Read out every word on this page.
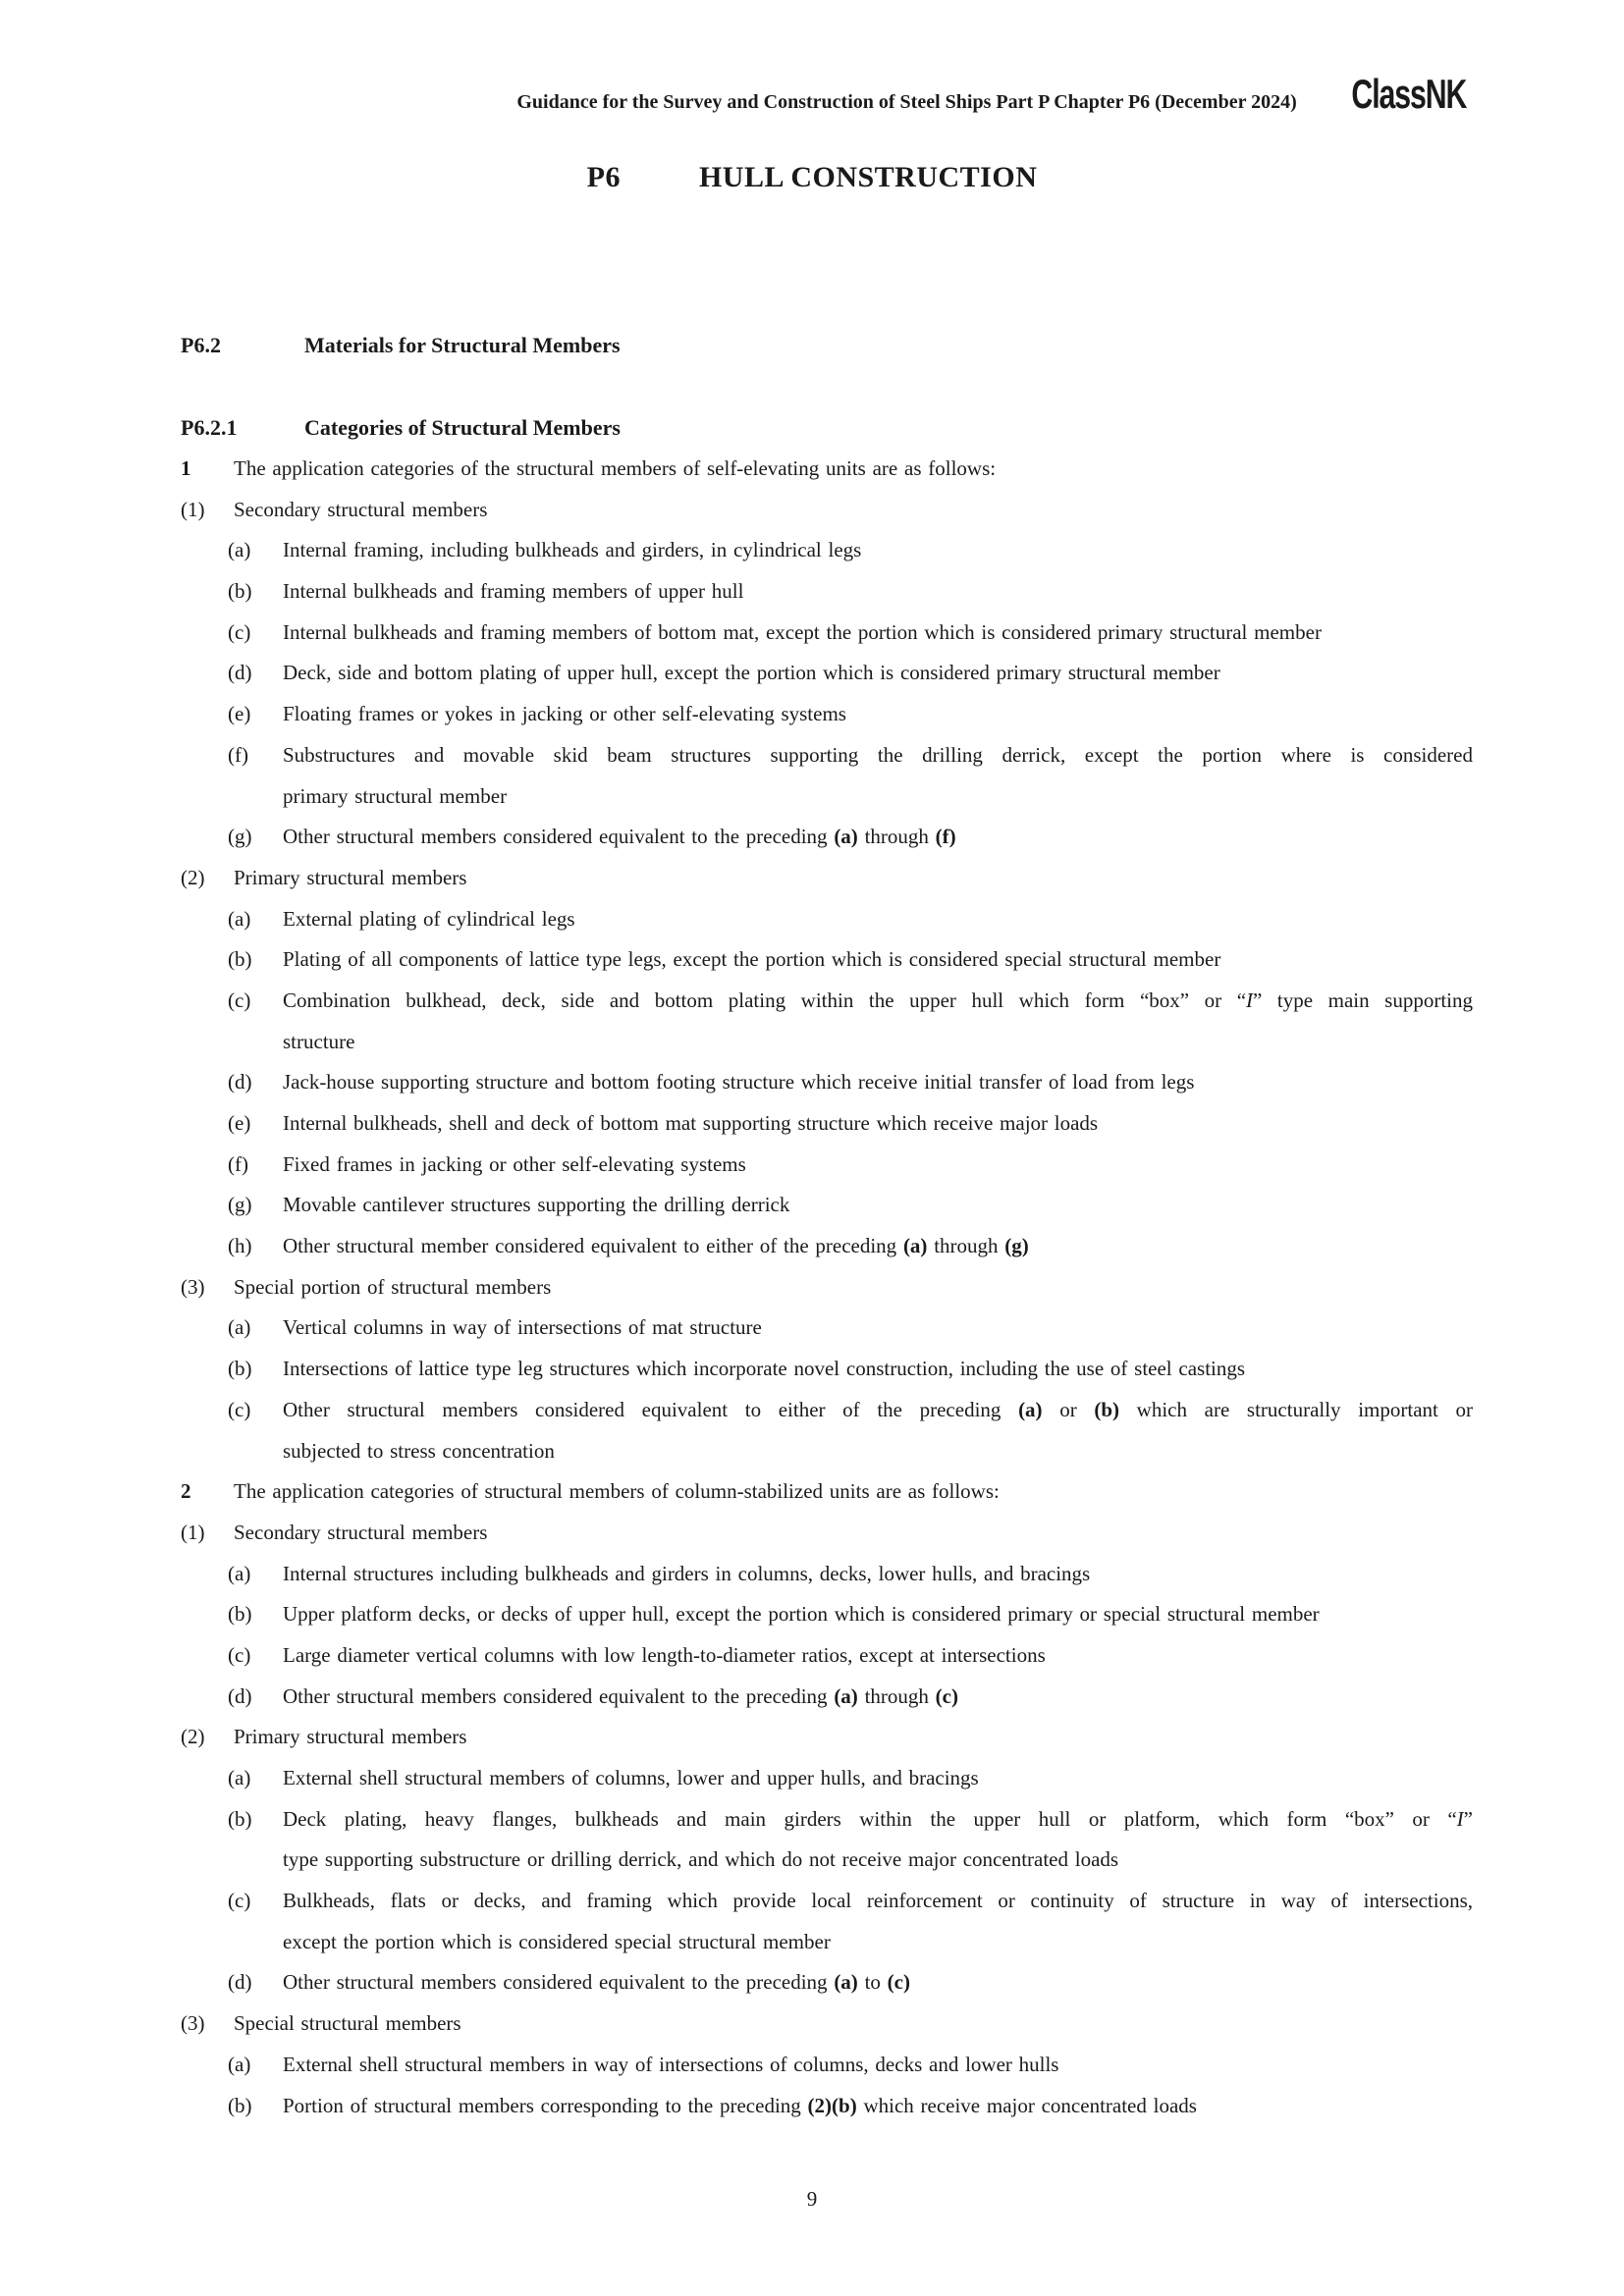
Guidance for the Survey and Construction of Steel Ships Part P Chapter P6 (December 2024) ClassNK
P6	HULL CONSTRUCTION
P6.2	Materials for Structural Members
P6.2.1	Categories of Structural Members
1 The application categories of the structural members of self-elevating units are as follows:
(1) Secondary structural members
(a) Internal framing, including bulkheads and girders, in cylindrical legs
(b) Internal bulkheads and framing members of upper hull
(c) Internal bulkheads and framing members of bottom mat, except the portion which is considered primary structural member
(d) Deck, side and bottom plating of upper hull, except the portion which is considered primary structural member
(e) Floating frames or yokes in jacking or other self-elevating systems
(f) Substructures and movable skid beam structures supporting the drilling derrick, except the portion where is considered
primary structural member
(g) Other structural members considered equivalent to the preceding (a) through (f)
(2) Primary structural members
(a) External plating of cylindrical legs
(b) Plating of all components of lattice type legs, except the portion which is considered special structural member
(c) Combination bulkhead, deck, side and bottom plating within the upper hull which form “box” or “I” type main supporting
structure
(d) Jack-house supporting structure and bottom footing structure which receive initial transfer of load from legs
(e) Internal bulkheads, shell and deck of bottom mat supporting structure which receive major loads
(f) Fixed frames in jacking or other self-elevating systems
(g) Movable cantilever structures supporting the drilling derrick
(h) Other structural member considered equivalent to either of the preceding (a) through (g)
(3) Special portion of structural members
(a) Vertical columns in way of intersections of mat structure
(b) Intersections of lattice type leg structures which incorporate novel construction, including the use of steel castings
(c) Other structural members considered equivalent to either of the preceding (a) or (b) which are structurally important or
subjected to stress concentration
2 The application categories of structural members of column-stabilized units are as follows:
(1) Secondary structural members
(a) Internal structures including bulkheads and girders in columns, decks, lower hulls, and bracings
(b) Upper platform decks, or decks of upper hull, except the portion which is considered primary or special structural member
(c) Large diameter vertical columns with low length-to-diameter ratios, except at intersections
(d) Other structural members considered equivalent to the preceding (a) through (c)
(2) Primary structural members
(a) External shell structural members of columns, lower and upper hulls, and bracings
(b) Deck plating, heavy flanges, bulkheads and main girders within the upper hull or platform, which form “box” or “I”
type supporting substructure or drilling derrick, and which do not receive major concentrated loads
(c) Bulkheads, flats or decks, and framing which provide local reinforcement or continuity of structure in way of intersections,
except the portion which is considered special structural member
(d) Other structural members considered equivalent to the preceding (a) to (c)
(3) Special structural members
(a) External shell structural members in way of intersections of columns, decks and lower hulls
(b) Portion of structural members corresponding to the preceding (2)(b) which receive major concentrated loads
9
